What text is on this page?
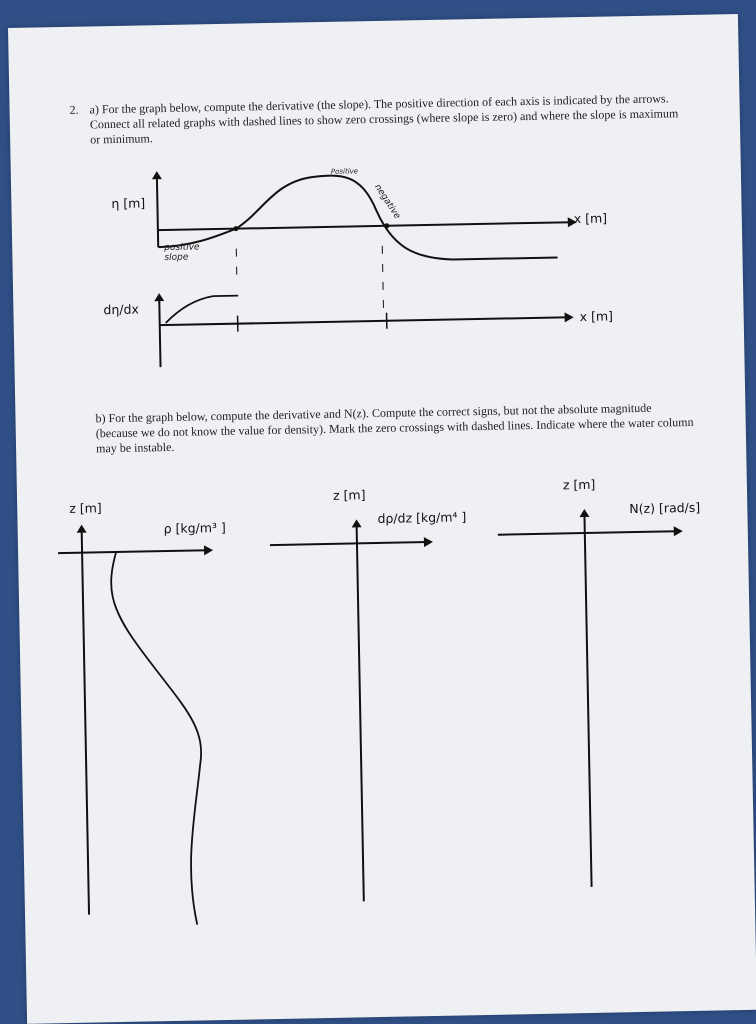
2. a) For the graph below, compute the derivative (the slope). The positive direction of each axis is indicated by the arrows. Connect all related graphs with dashed lines to show zero crossings (where slope is zero) and where the slope is maximum or minimum.
η [m]
x [m]
dη/dx	x [m]
Positive
negative
positive slope
b) For the graph below, compute the derivative and N(z). Compute the correct signs, but not the absolute magnitude (because we do not know the value for density). Mark the zero crossings with dashed lines. Indicate where the water column may be instable.
z [m]
ρ [kg/m³ ]
z [m]
dρ/dz [kg/m⁴ ]
z [m]
N(z) [rad/s]
